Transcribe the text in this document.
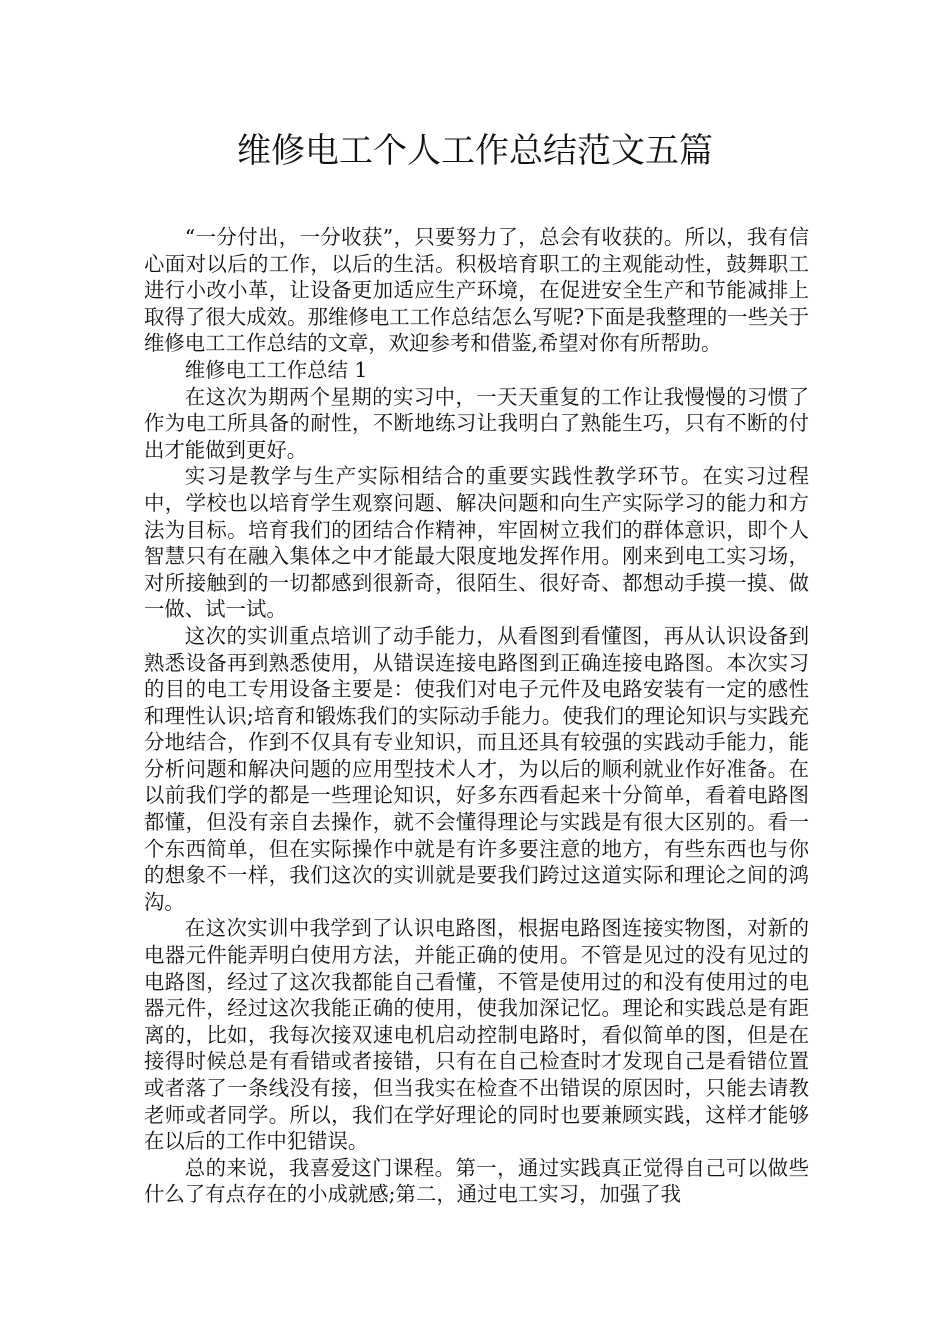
维修电工个人工作总结范文五篇

“一分付出，一分收获”，只要努力了，总会有收获的。所以，我有信心面对以后的工作，以后的生活。积极培育职工的主观能动性，鼓舞职工进行小改小革，让设备更加适应生产环境，在促进安全生产和节能减排上取得了很大成效。那维修电工工作总结怎么写呢?下面是我整理的一些关于维修电工工作总结的文章，欢迎参考和借鉴,希望对你有所帮助。

维修电工工作总结 1

在这次为期两个星期的实习中，一天天重复的工作让我慢慢的习惯了作为电工所具备的耐性，不断地练习让我明白了熟能生巧，只有不断的付出才能做到更好。

实习是教学与生产实际相结合的重要实践性教学环节。在实习过程中，学校也以培育学生观察问题、解决问题和向生产实际学习的能力和方法为目标。培育我们的团结合作精神，牢固树立我们的群体意识，即个人智慧只有在融入集体之中才能最大限度地发挥作用。刚来到电工实习场，对所接触到的一切都感到很新奇，很陌生、很好奇、都想动手摸一摸、做一做、试一试。

这次的实训重点培训了动手能力，从看图到看懂图，再从认识设备到熟悉设备再到熟悉使用，从错误连接电路图到正确连接电路图。本次实习的目的电工专用设备主要是：使我们对电子元件及电路安装有一定的感性和理性认识;培育和锻炼我们的实际动手能力。使我们的理论知识与实践充分地结合，作到不仅具有专业知识，而且还具有较强的实践动手能力，能分析问题和解决问题的应用型技术人才，为以后的顺利就业作好准备。在以前我们学的都是一些理论知识，好多东西看起来十分简单，看着电路图都懂，但没有亲自去操作，就不会懂得理论与实践是有很大区别的。看一个东西简单，但在实际操作中就是有许多要注意的地方，有些东西也与你的想象不一样，我们这次的实训就是要我们跨过这道实际和理论之间的鸿沟。

在这次实训中我学到了认识电路图，根据电路图连接实物图，对新的电器元件能弄明白使用方法，并能正确的使用。不管是见过的没有见过的电路图，经过了这次我都能自己看懂，不管是使用过的和没有使用过的电器元件，经过这次我能正确的使用，使我加深记忆。理论和实践总是有距离的，比如，我每次接双速电机启动控制电路时，看似简单的图，但是在接得时候总是有看错或者接错，只有在自己检查时才发现自己是看错位置或者落了一条线没有接，但当我实在检查不出错误的原因时，只能去请教老师或者同学。所以，我们在学好理论的同时也要兼顾实践，这样才能够在以后的工作中犯错误。

总的来说，我喜爱这门课程。第一，通过实践真正觉得自己可以做些什么了有点存在的小成就感;第二，通过电工实习，加强了我
